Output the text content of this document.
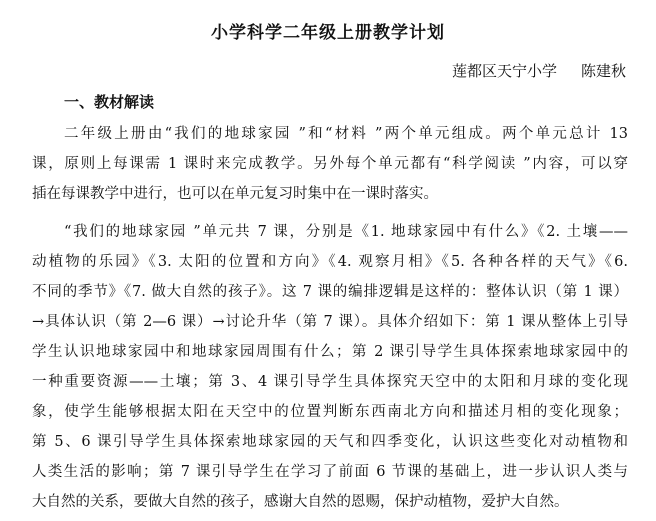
小学科学二年级上册教学计划
莲都区天宁小学 陈建秋
一、教材解读
二年级上册由“我们的地球家园 ”和“材料 ”两个单元组成。两个单元总计 13
课，原则上每课需 1 课时来完成教学。另外每个单元都有“科学阅读 ”内容，可以穿
插在每课教学中进行，也可以在单元复习时集中在一课时落实。
“我们的地球家园 ”单元共 7 课，分别是《1. 地球家园中有什么》《2. 土壤——
动植物的乐园》《3. 太阳的位置和方向》《4. 观察月相》《5. 各种各样的天气》《6.
不同的季节》《7. 做大自然的孩子》。这 7 课的编排逻辑是这样的：整体认识（第 1 课）
→具体认识（第 2—6 课）→讨论升华（第 7 课）。具体介绍如下：第 1 课从整体上引导
学生认识地球家园中和地球家园周围有什么；第 2 课引导学生具体探索地球家园中的
一种重要资源——土壤；第 3、4 课引导学生具体探究天空中的太阳和月球的变化现
象，使学生能够根据太阳在天空中的位置判断东西南北方向和描述月相的变化现象；
第 5、6 课引导学生具体探索地球家园的天气和四季变化，认识这些变化对动植物和
人类生活的影响；第 7 课引导学生在学习了前面 6 节课的基础上，进一步认识人类与
大自然的关系，要做大自然的孩子，感谢大自然的恩赐，保护动植物，爱护大自然。
